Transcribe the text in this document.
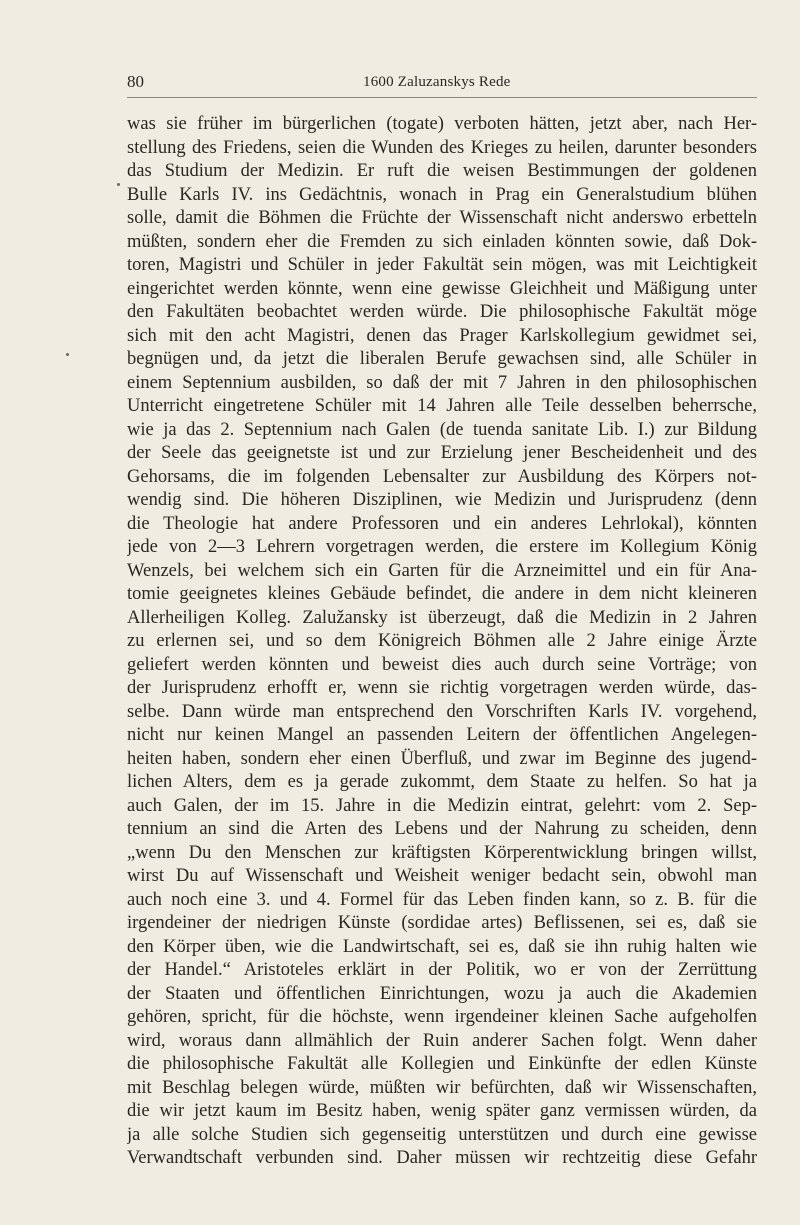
80	1600 Zaluzanskys Rede
was sie früher im bürgerlichen (togate) verboten hätten, jetzt aber, nach Her-
stellung des Friedens, seien die Wunden des Krieges zu heilen, darunter besonders
das Studium der Medizin. Er ruft die weisen Bestimmungen der goldenen
Bulle Karls IV. ins Gedächtnis, wonach in Prag ein Generalstudium blühen
solle, damit die Böhmen die Früchte der Wissenschaft nicht anderswo erbetteln
müßten, sondern eher die Fremden zu sich einladen könnten sowie, daß Dok-
toren, Magistri und Schüler in jeder Fakultät sein mögen, was mit Leichtigkeit
eingerichtet werden könnte, wenn eine gewisse Gleichheit und Mäßigung unter
den Fakultäten beobachtet werden würde. Die philosophische Fakultät möge
sich mit den acht Magistri, denen das Prager Karlskollegium gewidmet sei,
begnügen und, da jetzt die liberalen Berufe gewachsen sind, alle Schüler in
einem Septennium ausbilden, so daß der mit 7 Jahren in den philosophischen
Unterricht eingetretene Schüler mit 14 Jahren alle Teile desselben beherrsche,
wie ja das 2. Septennium nach Galen (de tuenda sanitate Lib. I.) zur Bildung
der Seele das geeignetste ist und zur Erzielung jener Bescheidenheit und des
Gehorsams, die im folgenden Lebensalter zur Ausbildung des Körpers not-
wendig sind. Die höheren Disziplinen, wie Medizin und Jurisprudenz (denn
die Theologie hat andere Professoren und ein anderes Lehrlokal), könnten
jede von 2—3 Lehrern vorgetragen werden, die erstere im Kollegium König
Wenzels, bei welchem sich ein Garten für die Arzneimittel und ein für Ana-
tomie geeignetes kleines Gebäude befindet, die andere in dem nicht kleineren
Allerheiligen Kolleg. Zalužansky ist überzeugt, daß die Medizin in 2 Jahren
zu erlernen sei, und so dem Königreich Böhmen alle 2 Jahre einige Ärzte
geliefert werden könnten und beweist dies auch durch seine Vorträge; von
der Jurisprudenz erhofft er, wenn sie richtig vorgetragen werden würde, das-
selbe. Dann würde man entsprechend den Vorschriften Karls IV. vorgehend,
nicht nur keinen Mangel an passenden Leitern der öffentlichen Angelegen-
heiten haben, sondern eher einen Überfluß, und zwar im Beginne des jugend-
lichen Alters, dem es ja gerade zukommt, dem Staate zu helfen. So hat ja
auch Galen, der im 15. Jahre in die Medizin eintrat, gelehrt: vom 2. Sep-
tennium an sind die Arten des Lebens und der Nahrung zu scheiden, denn
„wenn Du den Menschen zur kräftigsten Körperentwicklung bringen willst,
wirst Du auf Wissenschaft und Weisheit weniger bedacht sein, obwohl man
auch noch eine 3. und 4. Formel für das Leben finden kann, so z. B. für die
irgendeiner der niedrigen Künste (sordidae artes) Beflissenen, sei es, daß sie
den Körper üben, wie die Landwirtschaft, sei es, daß sie ihn ruhig halten wie
der Handel.“ Aristoteles erklärt in der Politik, wo er von der Zerrüttung
der Staaten und öffentlichen Einrichtungen, wozu ja auch die Akademien
gehören, spricht, für die höchste, wenn irgendeiner kleinen Sache aufgeholfen
wird, woraus dann allmählich der Ruin anderer Sachen folgt. Wenn daher
die philosophische Fakultät alle Kollegien und Einkünfte der edlen Künste
mit Beschlag belegen würde, müßten wir befürchten, daß wir Wissenschaften,
die wir jetzt kaum im Besitz haben, wenig später ganz vermissen würden, da
ja alle solche Studien sich gegenseitig unterstützen und durch eine gewisse
Verwandtschaft verbunden sind. Daher müssen wir rechtzeitig diese Gefahr
